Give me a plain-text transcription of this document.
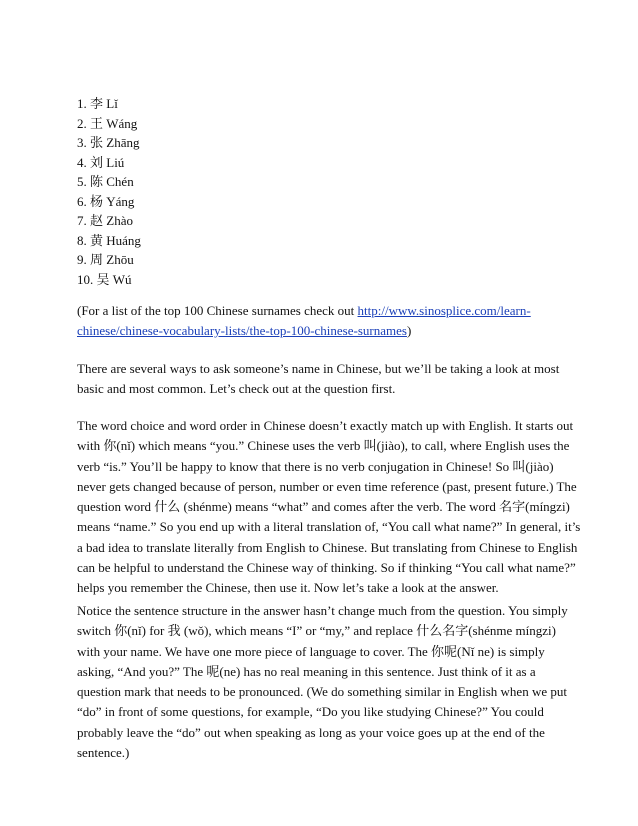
1. 李 Lǐ
2. 王 Wáng
3. 张 Zhāng
4. 刘 Liú
5. 陈 Chén
6. 杨 Yáng
7. 赵 Zhào
8. 黄 Huáng
9. 周 Zhōu
10. 吴 Wú
(For a list of the top 100 Chinese surnames check out http://www.sinosplice.com/learn-
chinese/chinese-vocabulary-lists/the-top-100-chinese-surnames)
There are several ways to ask someone’s name in Chinese, but we’ll be taking a look at most
basic and most common. Let’s check out at the question first.
The word choice and word order in Chinese doesn’t exactly match up with English. It starts out
with 你(nǐ) which means “you.” Chinese uses the verb 叫(jiào), to call, where English uses the
verb “is.” You’ll be happy to know that there is no verb conjugation in Chinese! So 叫(jiào)
never gets changed because of person, number or even time reference (past, present future.) The
question word 什么 (shénme) means “what” and comes after the verb. The word 名字(míngzi)
means “name.” So you end up with a literal translation of, “You call what name?” In general, it’s
a bad idea to translate literally from English to Chinese. But translating from Chinese to English
can be helpful to understand the Chinese way of thinking. So if thinking “You call what name?”
helps you remember the Chinese, then use it. Now let’s take a look at the answer.
Notice the sentence structure in the answer hasn’t change much from the question. You simply
switch 你(nǐ) for 我 (wǒ), which means “I” or “my,” and replace 什么名字(shénme míngzi)
with your name. We have one more piece of language to cover. The 你呢(Nǐ ne) is simply
asking, “And you?” The 呢(ne) has no real meaning in this sentence. Just think of it as a
question mark that needs to be pronounced. (We do something similar in English when we put
“do” in front of some questions, for example, “Do you like studying Chinese?” You could
probably leave the “do” out when speaking as long as your voice goes up at the end of the
sentence.)
